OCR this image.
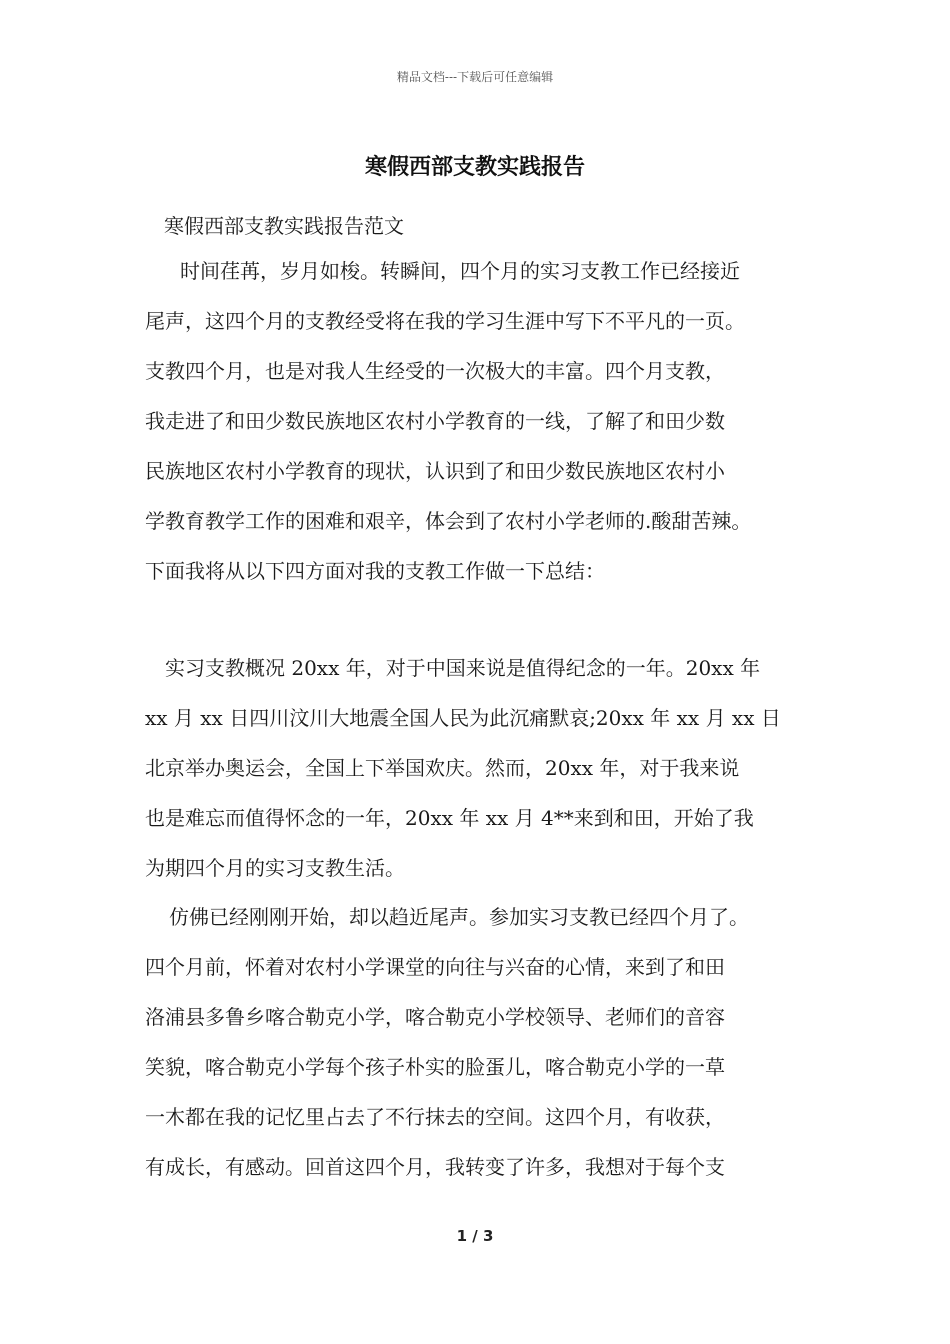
精品文档---下载后可任意编辑
寒假西部支教实践报告
寒假西部支教实践报告范文
时间荏苒，岁月如梭。转瞬间，四个月的实习支教工作已经接近
尾声，这四个月的支教经受将在我的学习生涯中写下不平凡的一页。
支教四个月，也是对我人生经受的一次极大的丰富。四个月支教，
我走进了和田少数民族地区农村小学教育的一线，了解了和田少数
民族地区农村小学教育的现状，认识到了和田少数民族地区农村小
学教育教学工作的困难和艰辛，体会到了农村小学老师的.酸甜苦辣。
下面我将从以下四方面对我的支教工作做一下总结：
实习支教概况 20xx 年，对于中国来说是值得纪念的一年。20xx 年
xx 月 xx 日四川汶川大地震全国人民为此沉痛默哀;20xx 年 xx 月 xx 日
北京举办奥运会，全国上下举国欢庆。然而，20xx 年，对于我来说
也是难忘而值得怀念的一年，20xx 年 xx 月 4**来到和田，开始了我
为期四个月的实习支教生活。
仿佛已经刚刚开始，却以趋近尾声。参加实习支教已经四个月了。
四个月前，怀着对农村小学课堂的向往与兴奋的心情，来到了和田
洛浦县多鲁乡喀合勒克小学，喀合勒克小学校领导、老师们的音容
笑貌，喀合勒克小学每个孩子朴实的脸蛋儿，喀合勒克小学的一草
一木都在我的记忆里占去了不行抹去的空间。这四个月，有收获，
有成长，有感动。回首这四个月，我转变了许多，我想对于每个支
1 / 3
